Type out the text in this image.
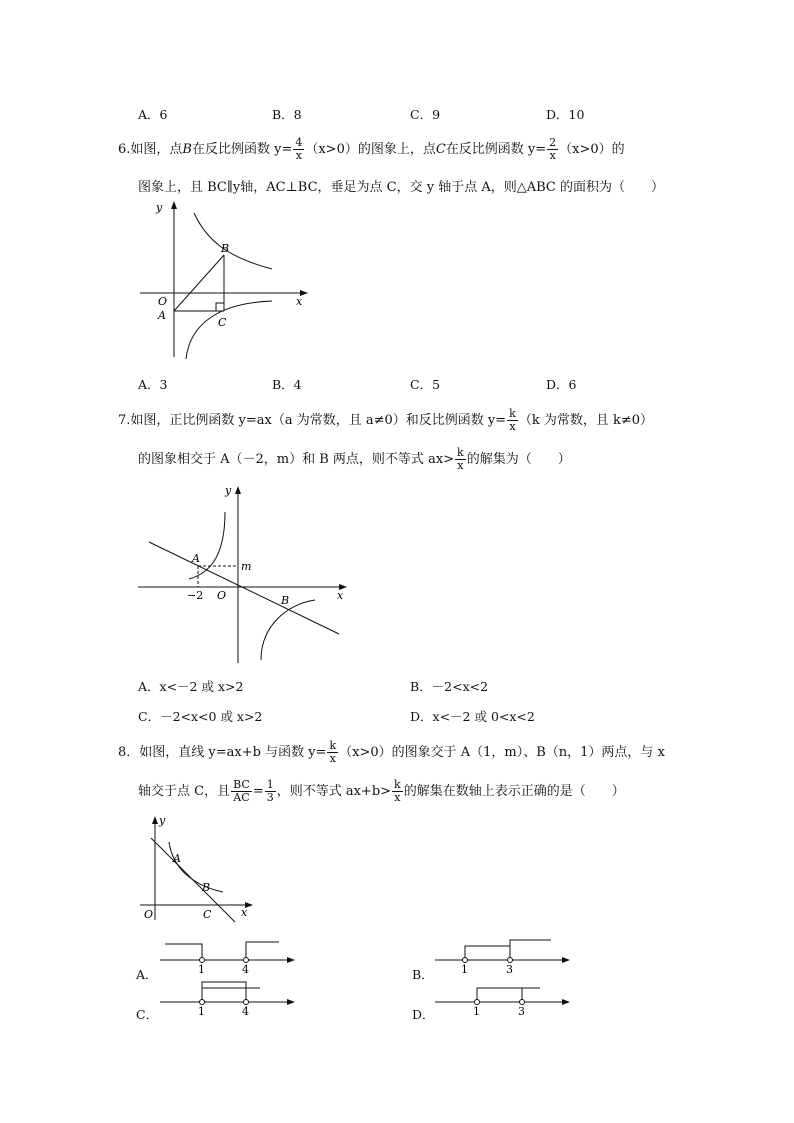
A．6	B．8	C．9	D．10
6.如图，点B在反比例函数 $y= \frac{4}{x} (x>0)$的图象上，点C在反比例函数 $y= \frac{2}{x} (x>0)$的
图象上，且 BC∥y轴，AC⊥BC，垂足为点 C，交 y 轴于点 A，则△ABC 的面积为（　　）
y
x
O
A
B
C
A．3	B．4	C．5	D．6
7.如图，正比例函数 y=ax（a 为常数，且 a≠0）和反比例函数 $y= \frac{k}{x} (k$ 为常数，且 k≠0）
的图象相交于 A（－2，m）和 B 两点，则不等式 $ax> \frac{k}{x}$ 的解集为（　　）
y
x
O
A
B
m
−2
A．x<－2 或 x>2	B．－2<x<2
C．－2<x<0 或 x>2	D．x<－2 或 0<x<2
8．如图，直线 y=ax+b 与函数 $y= \frac{k}{x} (x>0)$的图象交于 A（1，m）、B（n，1）两点，与 x
轴交于点 C，且 $\frac{BC}{AC} = \frac{1}{3}$ ，则不等式 $ax+b> \frac{k}{x}$ 的解集在数轴上表示正确的是（　　）
y
x
O
A
B
C
A．	1	4	B． 1	3
C．	1	4	D．	1	3
